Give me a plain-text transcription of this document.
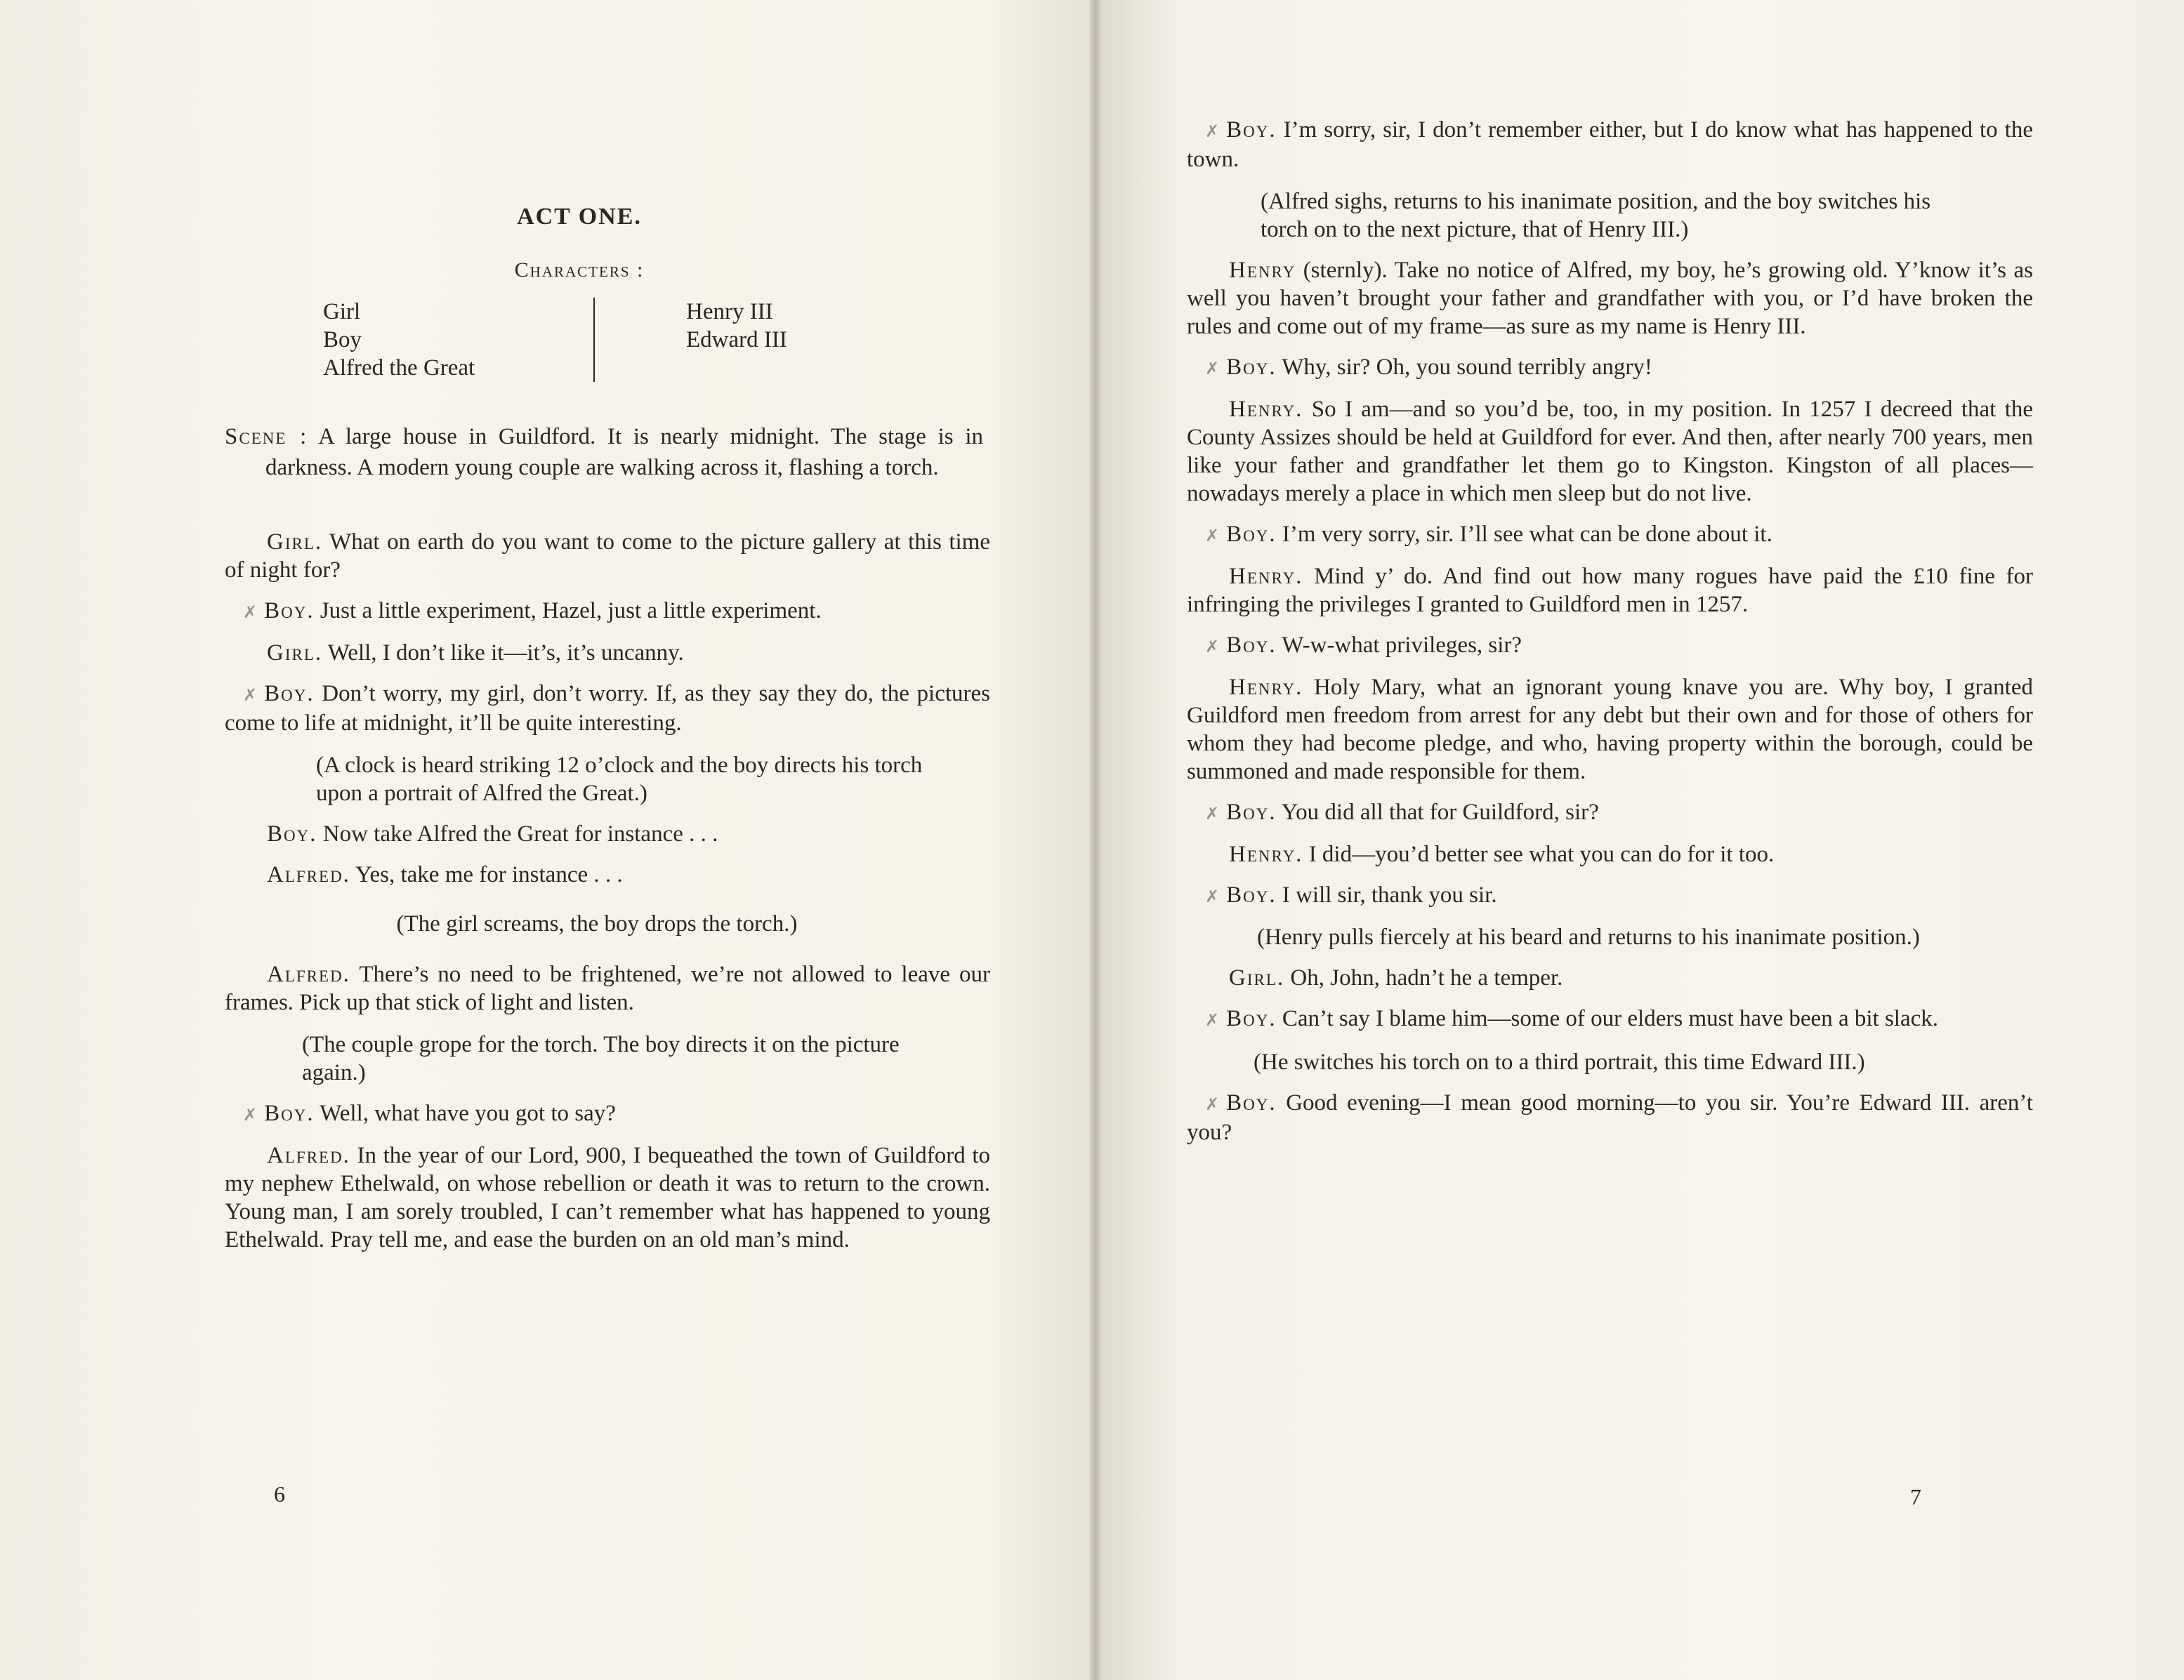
ACT ONE.
Characters :
Girl
Boy
Alfred the Great
Henry III
Edward III

Scene : A large house in Guildford. It is nearly midnight. The stage is in darkness. A modern young couple are walking across it, flashing a torch.

Girl. What on earth do you want to come to the picture gallery at this time of night for?

✗ Boy. Just a little experiment, Hazel, just a little experiment.

Girl. Well, I don’t like it—it’s, it’s uncanny.

✗ Boy. Don’t worry, my girl, don’t worry. If, as they say they do, the pictures come to life at midnight, it’ll be quite interesting.

(A clock is heard striking 12 o’clock and the boy directs his torch upon a portrait of Alfred the Great.)

Boy. Now take Alfred the Great for instance . . .

Alfred. Yes, take me for instance . . .

(The girl screams, the boy drops the torch.)

Alfred. There’s no need to be frightened, we’re not allowed to leave our frames. Pick up that stick of light and listen.

(The couple grope for the torch. The boy directs it on the picture again.)

✗ Boy. Well, what have you got to say?

Alfred. In the year of our Lord, 900, I bequeathed the town of Guildford to my nephew Ethelwald, on whose rebellion or death it was to return to the crown. Young man, I am sorely troubled, I can’t remember what has happened to young Ethelwald. Pray tell me, and ease the burden on an old man’s mind.

6

✗ Boy. I’m sorry, sir, I don’t remember either, but I do know what has happened to the town.

(Alfred sighs, returns to his inanimate position, and the boy switches his torch on to the next picture, that of Henry III.)

Henry (sternly). Take no notice of Alfred, my boy, he’s growing old. Y’know it’s as well you haven’t brought your father and grandfather with you, or I’d have broken the rules and come out of my frame—as sure as my name is Henry III.

✗ Boy. Why, sir? Oh, you sound terribly angry!

Henry. So I am—and so you’d be, too, in my position. In 1257 I decreed that the County Assizes should be held at Guildford for ever. And then, after nearly 700 years, men like your father and grandfather let them go to Kingston. Kingston of all places—nowadays merely a place in which men sleep but do not live.

✗ Boy. I’m very sorry, sir. I’ll see what can be done about it.

Henry. Mind y’ do. And find out how many rogues have paid the £10 fine for infringing the privileges I granted to Guildford men in 1257.

✗ Boy. W-w-what privileges, sir?

Henry. Holy Mary, what an ignorant young knave you are. Why boy, I granted Guildford men freedom from arrest for any debt but their own and for those of others for whom they had become pledge, and who, having property within the borough, could be summoned and made responsible for them.

✗ Boy. You did all that for Guildford, sir?

Henry. I did—you’d better see what you can do for it too.

✗ Boy. I will sir, thank you sir.

(Henry pulls fiercely at his beard and returns to his inanimate position.)

Girl. Oh, John, hadn’t he a temper.

✗ Boy. Can’t say I blame him—some of our elders must have been a bit slack.

(He switches his torch on to a third portrait, this time Edward III.)

✗ Boy. Good evening—I mean good morning—to you sir. You’re Edward III. aren’t you?

7
